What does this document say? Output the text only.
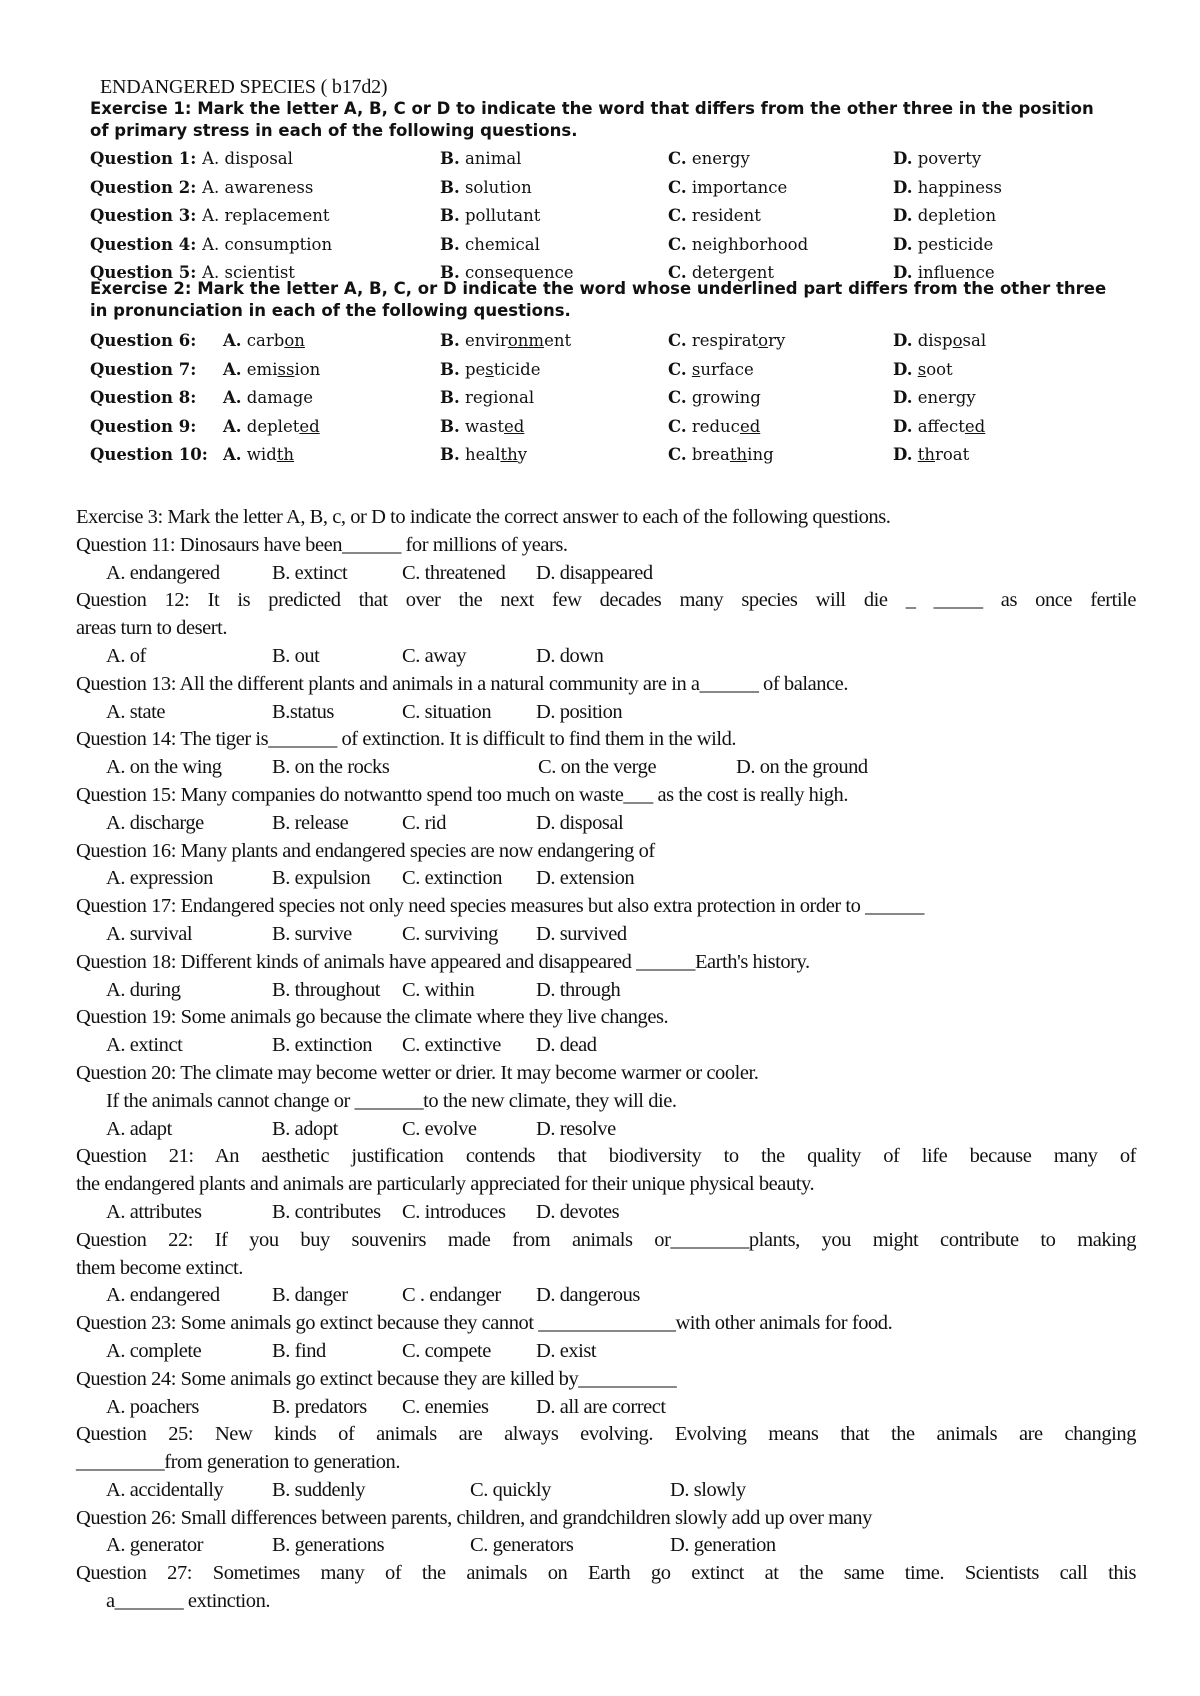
ENDANGERED SPECIES ( b17d2)

Exercise 1: Mark the letter A, B, C or D to indicate the word that differs from the other three in the position of primary stress in each of the following questions.

Question 1: A. disposal	B. animal	C. energy	D. poverty
Question 2: A. awareness	B. solution	C. importance	D. happiness
Question 3: A. replacement	B. pollutant	C. resident	D. depletion
Question 4: A. consumption	B. chemical	C. neighborhood	D. pesticide
Question 5: A. scientist	B. consequence	C. detergent	D. influence

Exercise 2: Mark the letter A, B, C, or D indicate the word whose underlined part differs from the other three in pronunciation in each of the following questions.

Question 6: A. carbon	B. environment	C. respiratory	D. disposal
Question 7: A. emission	B. pesticide	C. surface	D. soot
Question 8: A. damage	B. regional	C. growing	D. energy
Question 9: A. depleted	B. wasted	C. reduced	D. affected
Question 10: A. width	B. healthy	C. breathing	D. throat
Exercise 3: Mark the letter A, B, c, or D to indicate the correct answer to each of the following questions.
Question 11: Dinosaurs have been______ for millions of years.
A. endangered	B. extinct	C. threatened D. disappeared
Question 12: It is predicted that over the next few decades many species will die _ _____ as once fertile
areas turn to desert.
A. of	B. out	C. away	D. down
Question 13: All the different plants and animals in a natural community are in a______ of balance.
A. state	B.status	C. situation D. position
Question 14: The tiger is_______ of extinction. It is difficult to find them in the wild.
A. on the wing B. on the rocks	C. on the verge	D. on the ground
Question 15: Many companies do notwantto spend too much on waste___ as the cost is really high.
A. discharge	B. release	C. rid	D. disposal
Question 16: Many plants and endangered species are now endangering of
A. expression	B. expulsion C. extinction D. extension
Question 17: Endangered species not only need species measures but also extra protection in order to ______
A. survival	B. survive C. surviving D. survived
Question 18: Different kinds of animals have appeared and disappeared ______Earth's history.
A. during	B. throughout C. within	D. through
Question 19: Some animals go because the climate where they live changes.
A. extinct	B. extinction C. extinctive D. dead
Question 20: The climate may become wetter or drier. It may become warmer or cooler.
If the animals cannot change or _______to the new climate, they will die.
A. adapt	B. adopt	C. evolve	D. resolve
Question 21: An aesthetic justification contends that biodiversity to the quality of life because many of
the endangered plants and animals are particularly appreciated for their unique physical beauty.
A. attributes	B. contributes C. introduces D. devotes
Question 22: If you buy souvenirs made from animals or________plants, you might contribute to making
them become extinct.
A. endangered	B. danger	C . endanger D. dangerous
Question 23: Some animals go extinct because they cannot ______________with other animals for food.
A. complete	B. find	C. compete D. exist
Question 24: Some animals go extinct because they are killed by__________
A. poachers	B. predators C. enemies D. all are correct
Question 25: New kinds of animals are always evolving. Evolving means that the animals are changing
_________from generation to generation.
A. accidentally B. suddenly	C. quickly	D. slowly
Question 26: Small differences between parents, children, and grandchildren slowly add up over many
A. generator	B. generations	C. generators	D. generation
Question 27: Sometimes many of the animals on Earth go extinct at the same time. Scientists call this
a_______ extinction.
